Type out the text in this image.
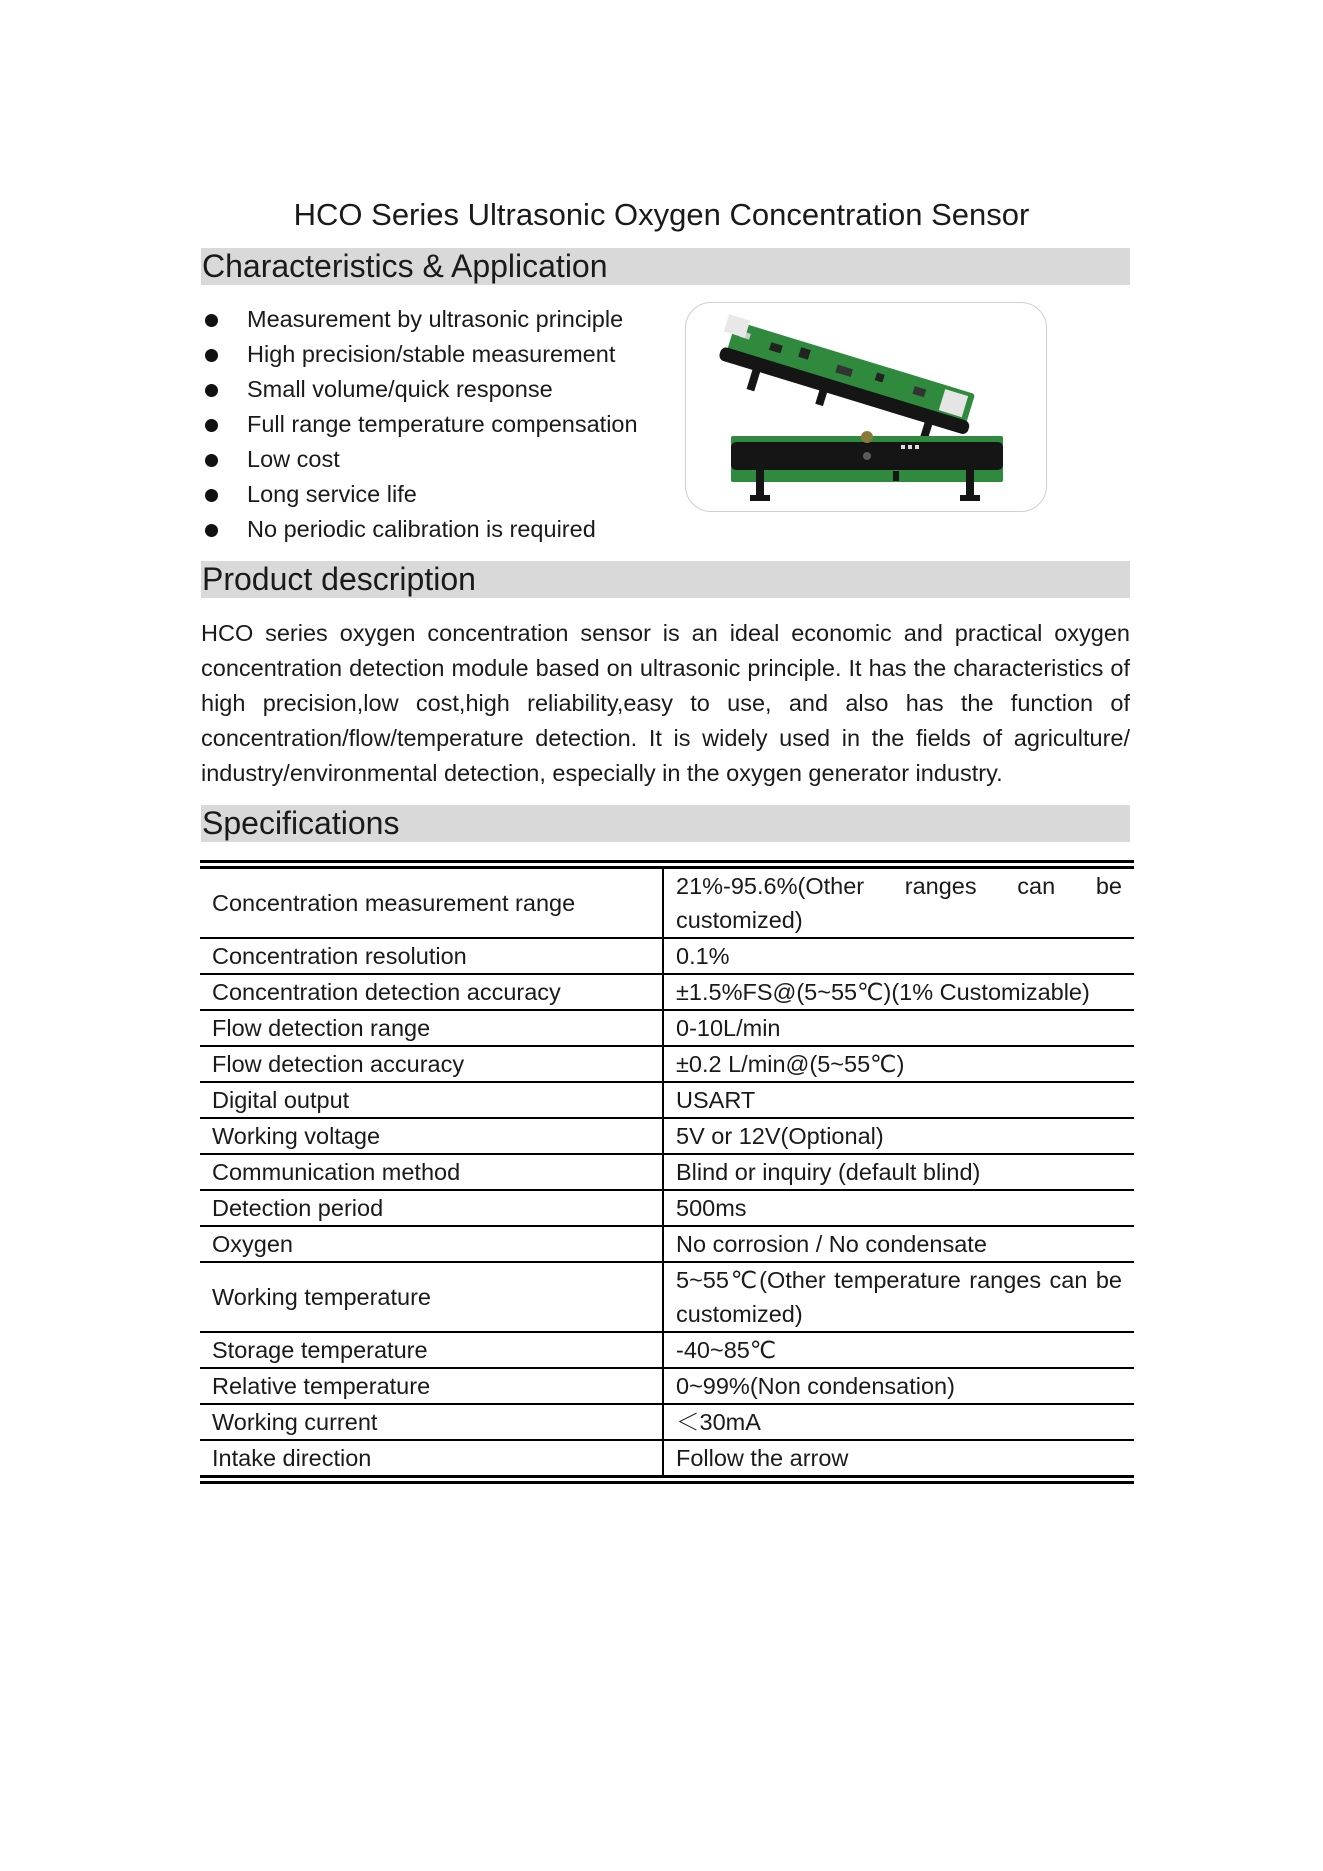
HCO Series Ultrasonic Oxygen Concentration Sensor
Characteristics & Application
Measurement by ultrasonic principle
High precision/stable measurement
Small volume/quick response
Full range temperature compensation
Low cost
Long service life
No periodic calibration is required
Product description

HCO series oxygen concentration sensor is an ideal economic and practical oxygen concentration detection module based on ultrasonic principle. It has the characteristics of high precision,low cost,high reliability,easy to use, and also has the function of concentration/flow/temperature detection. It is widely used in the fields of agriculture/ industry/environmental detection, especially in the oxygen generator industry.

Specifications
Concentration measurement range	21%-95.6%(Other ranges can be customized)
Concentration resolution	0.1%
Concentration detection accuracy	±1.5%FS@(5~55℃)(1% Customizable)
Flow detection range	0-10L/min
Flow detection accuracy	±0.2 L/min@(5~55℃)
Digital output	USART
Working voltage	5V or 12V(Optional)
Communication method	Blind or inquiry (default blind)
Detection period	500ms
Oxygen	No corrosion / No condensate
Working temperature	5~55℃(Other temperature ranges can be customized)
Storage temperature	-40~85℃
Relative temperature	0~99%(Non condensation)
Working current	＜30mA
Intake direction	Follow the arrow
